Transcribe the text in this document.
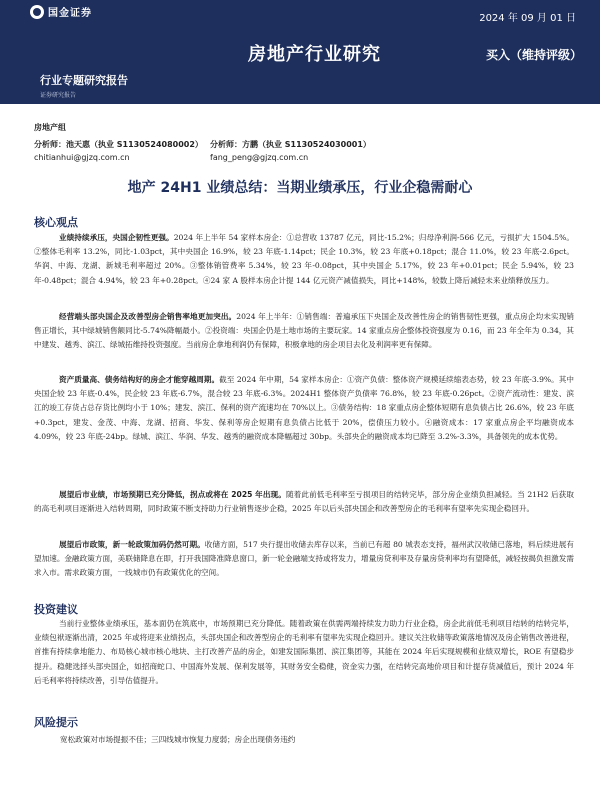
国金证券	2024 年 09 月 01 日
房地产行业研究	买入（维持评级）
行业专题研究报告
证券研究报告
房地产组
分析师：池天惠（执业 S1130524080002）
chitianhui@gjzq.com.cn
分析师：方鹏（执业 S1130524030001）
fang_peng@gjzq.com.cn
地产 24H1 业绩总结：当期业绩承压，行业企稳需耐心
核心观点
业绩持续承压，央国企韧性更强。2024 年上半年 54 家样本房企：①总营收 13787 亿元，同比-15.2%；归母净利润-566 亿元，亏损扩大 1504.5%。②整体毛利率 13.2%，同比-1.03pct，其中央国企 16.9%，较 23 年底-1.14pct；民企 10.3%，较 23 年底+0.18pct；混合 11.0%，较 23 年底-2.6pct。华润、中海、龙湖、新城毛利率超过 20%。③整体销管费率 5.34%，较 23 年-0.08pct，其中央国企 5.17%，较 23 年+0.01pct；民企 5.94%，较 23 年-0.48pct；混合 4.94%，较 23 年+0.28pct。④24 家 A 股样本房企计提 144 亿元资产减值损失，同比+148%，较数上降后减轻未来业绩释放压力。
经营端头部央国企及改善型房企销售率地更加突出。2024 年上半年：①销售端：普遍承压下央国企及改善性房企的销售韧性更强，重点房企均未实现销售正增长，其中绿城销售额同比-5.74%降幅最小。②投资端：央国企仍是土地市场的主要玩家。14 家重点房企整体投资强度为 0.16，而 23 年全年为 0.34，其中建发、越秀、滨江、绿城拓维持投资强度。当前房企拿地利润仍有保障，积极拿地的房企项目去化及利润率更有保障。
资产质量高、债务结构好的房企才能穿越周期。截至 2024 年中期，54 家样本房企：①资产负债：整体资产规模延续缩表态势，较 23 年底-3.9%。其中央国企较 23 年底-0.4%，民企较 23 年底-6.7%，混合较 23 年底-6.3%。2024H1 整体资产负债率 76.8%，较 23 年底-0.26pct。②资产流动性：建发、滨江的竣工存货占总存货比例均小于 10%；建发、滨江、保利的资产流速均在 70%以上。③债务结构：18 家重点房企整体短期有息负债占比 26.6%，较 23 年底+0.3pct，建发、金茂、中海、龙湖、招商、华发、保利等房企短期有息负债占比低于 20%，偿债压力较小。④融资成本：17 家重点房企平均融资成本 4.09%，较 23 年底-24bp。绿城、滨江、华润、华发、越秀的融资成本降幅超过 30bp。头部央企的融资成本均已降至 3.2%-3.3%，具备领先的成本优势。
展望后市业绩，市场预期已充分降低，拐点或将在 2025 年出现。随着此前低毛利率至亏损项目的结转完毕，部分房企业绩负担减轻。当 21H2 后获取的高毛利项目逐渐进入结转周期，同时政策不断支持助力行业销售逐步企稳，2025 年以后头部央国企和改善型房企的毛利率有望率先实现企稳回升。
展望后市政策，新一轮政策加码仍然可期。收储方面，517 央行提出收储去库存以来，当前已有超 80 城表态支持，福州武汉收储已落地，料后续进展有望加速。金融政策方面，美联储降息在即，打开我国降准降息窗口，新一轮金融端支持或将发力，增量房贷利率及存量房贷利率均有望降低，减轻按揭负担激发需求入市。需求政策方面，一线城市仍有政策优化的空间。
投资建议
当前行业整体业绩承压，基本面仍在筑底中，市场预期已充分降低。随着政策在供需两端持续发力助力行业企稳，房企此前低毛利项目结转的结转完毕，业绩包袱逐渐出清，2025 年或将迎来业绩拐点，头部央国企和改善型房企的毛利率有望率先实现企稳回升。建议关注收储等政策落地情况及房企销售改善进程，首推有持续拿地能力、布局核心城市核心地块、主打改善产品的房企，如建发国际集团、滨江集团等，其能在 2024 年后实现规模和业绩双增长，ROE 有望稳步提升。稳健选择头部央国企，如招商蛇口、中国海外发展、保利发展等，其财务安全稳健，资金实力强，在结转完高地价项目和计提存货减值后，预计 2024 年后毛利率将持续改善，引导估值提升。
风险提示
宽松政策对市场提振不佳；三四线城市恢复力度弱；房企出现债务违约
